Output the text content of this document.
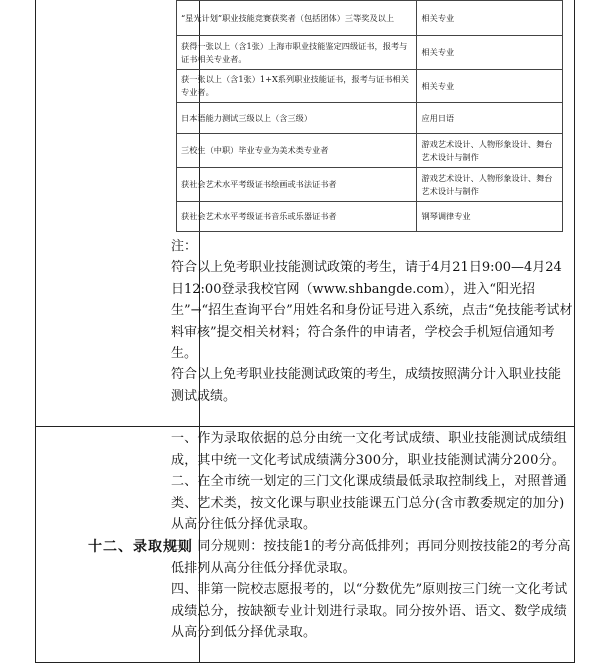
十二、录取规则
“星光计划”职业技能竞赛获奖者（包括团体）三等奖及以上	相关专业
获得一张以上（含1张）上海市职业技能鉴定四级证书，报考与证书相关专业者。	相关专业
获一张以上（含1张）1+X系列职业技能证书，报考与证书相关专业者。	相关专业
日本语能力测试三级以上（含三级）	应用日语
三校生（中职）毕业专业为美术类专业者	游戏艺术设计、人物形象设计、舞台艺术设计与制作
获社会艺术水平考级证书绘画或书法证书者	游戏艺术设计、人物形象设计、舞台艺术设计与制作
获社会艺术水平考级证书音乐或乐器证书者	钢琴调律专业

注：

符合以上免考职业技能测试政策的考生，请于4月21日9:00—4月24日12:00登录我校官网（www.shbangde.com），进入“阳光招生”→“招生查询平台”用姓名和身份证号进入系统，点击“免技能考试材料审核”提交相关材料；符合条件的申请者，学校会手机短信通知考生。

符合以上免考职业技能测试政策的考生，成绩按照满分计入职业技能测试成绩。

一、作为录取依据的总分由统一文化考试成绩、职业技能测试成绩组成，其中统一文化考试成绩满分300分，职业技能测试满分200分。

二、在全市统一划定的三门文化课成绩最低录取控制线上，对照普通类、艺术类，按文化课与职业技能课五门总分(含市教委规定的加分)从高分往低分择优录取。

三、同分规则：按技能1的考分高低排列；再同分则按技能2的考分高低排列从高分往低分择优录取。

四、非第一院校志愿报考的，以“分数优先”原则按三门统一文化考试成绩总分，按缺额专业计划进行录取。同分按外语、语文、数学成绩从高分到低分择优录取。
